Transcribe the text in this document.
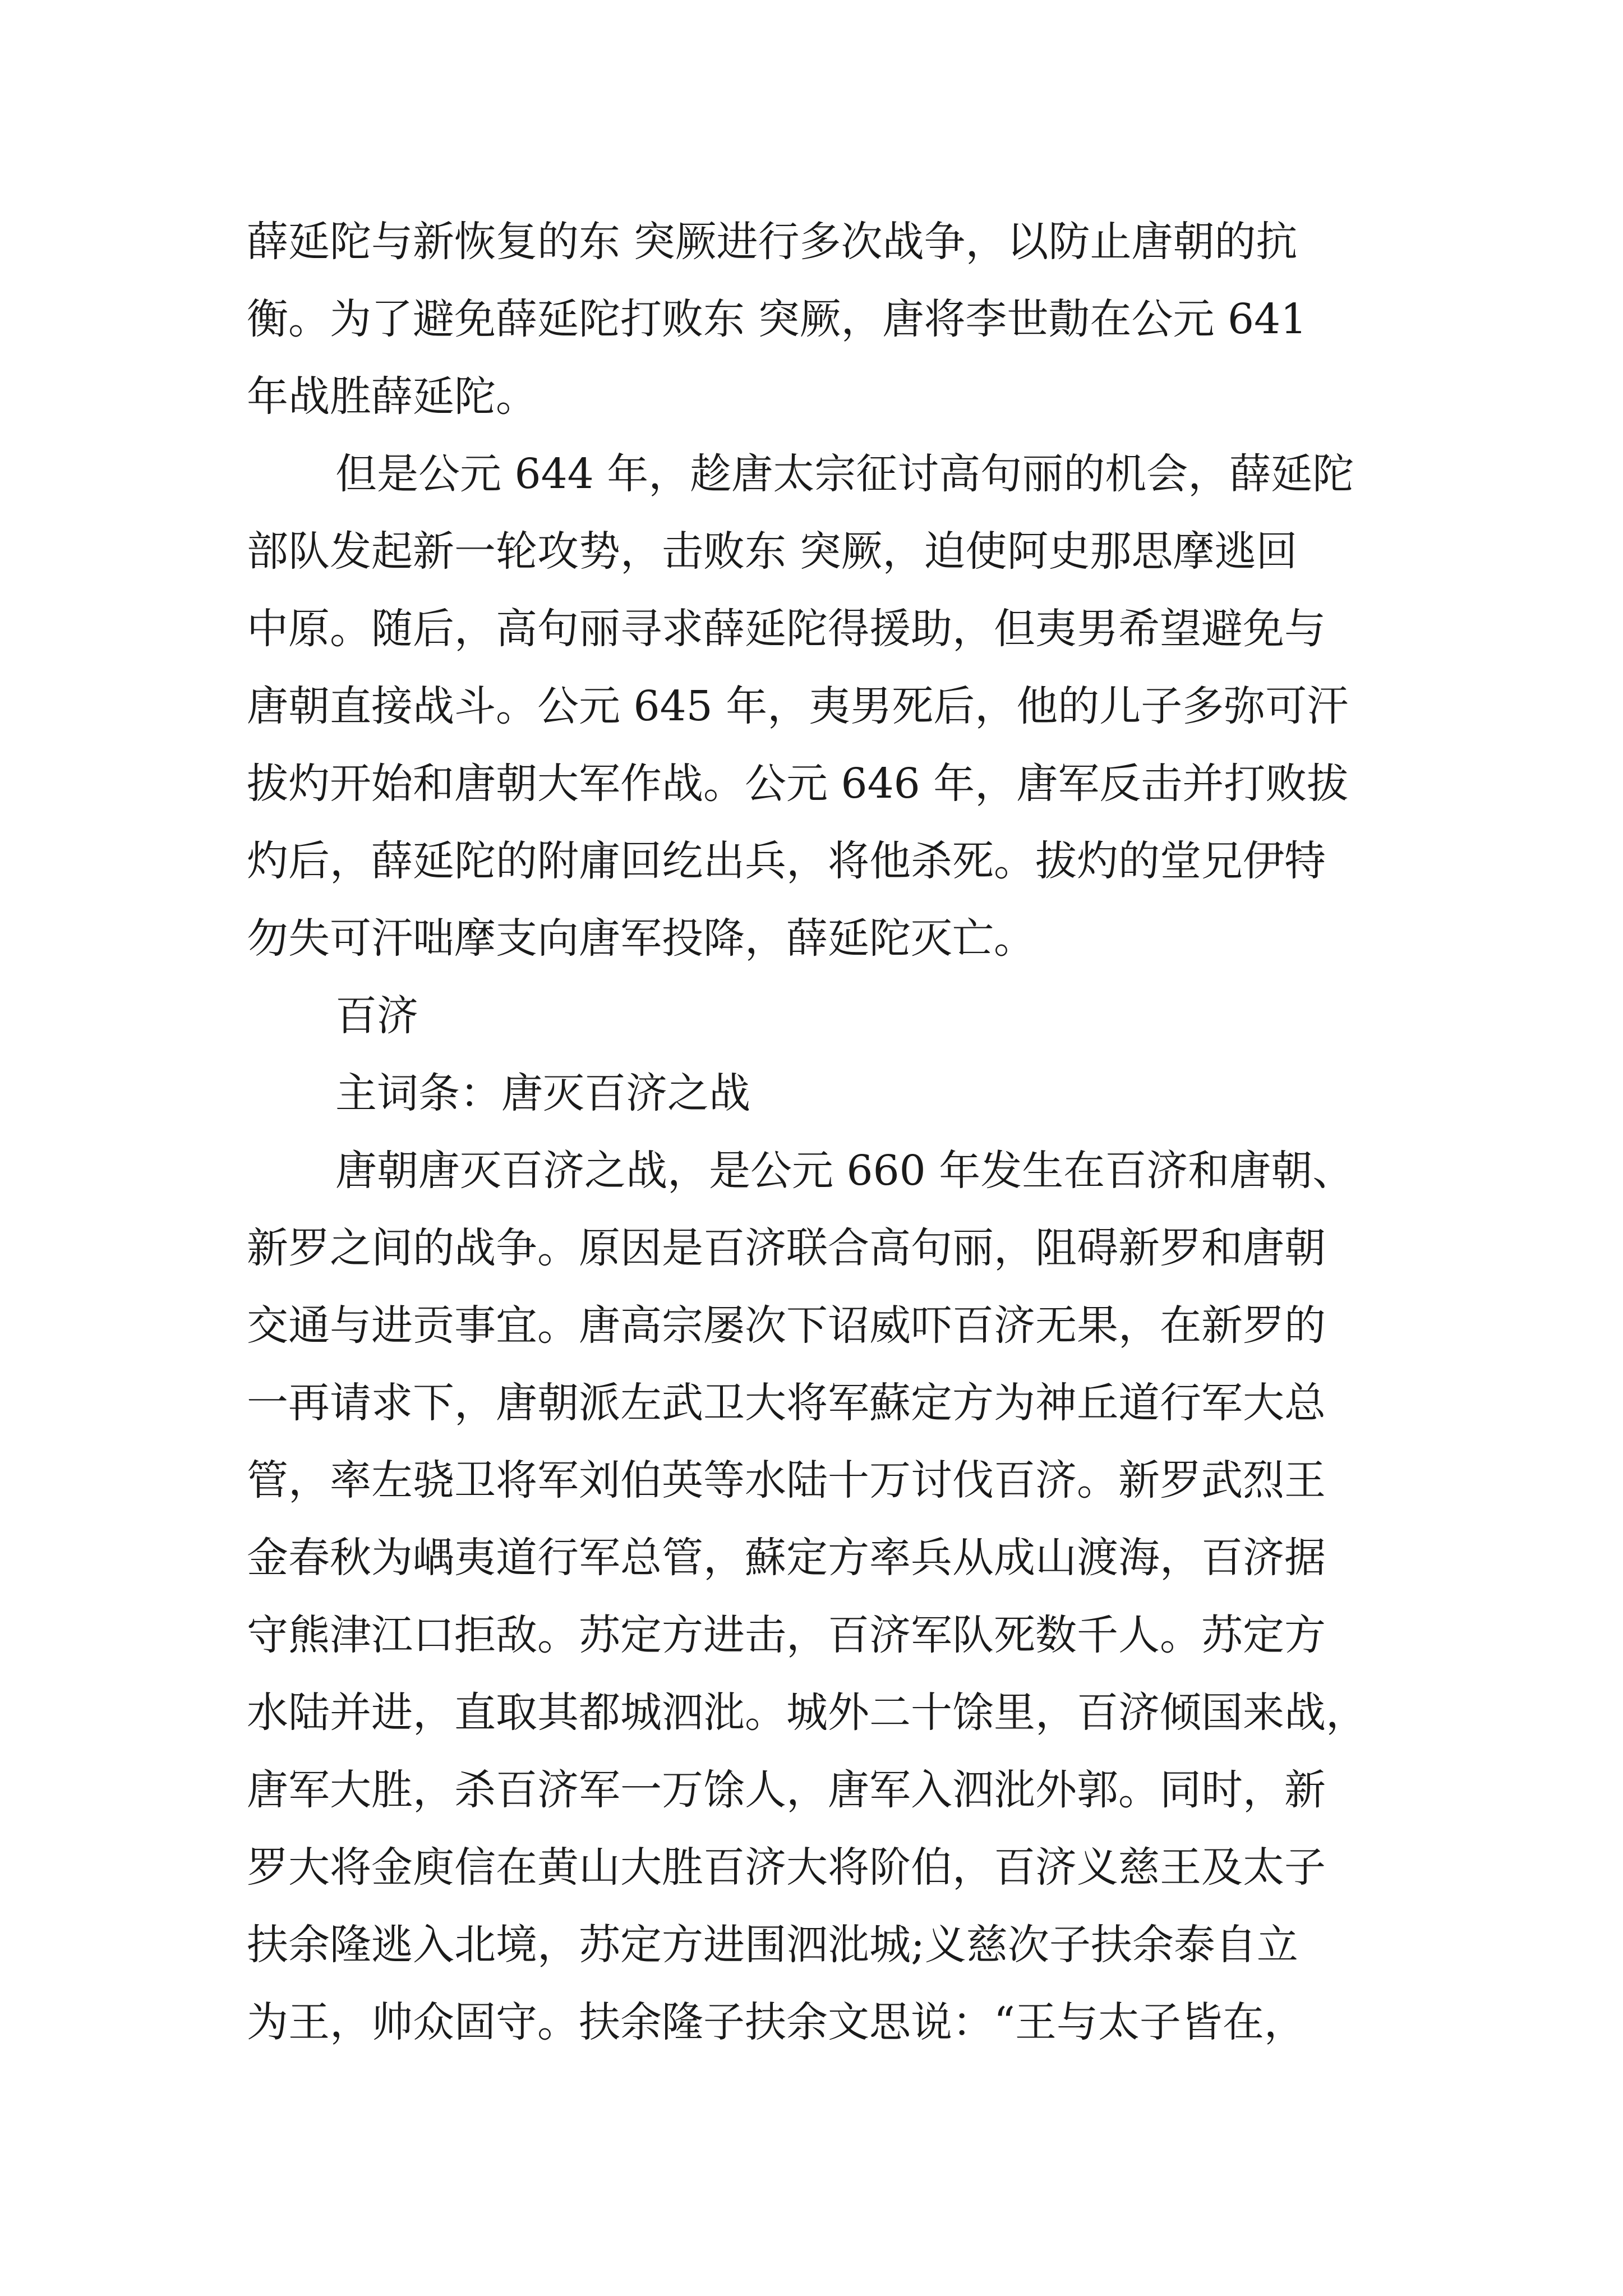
薛延陀与新恢复的东 突厥进行多次战争，以防止唐朝的抗
衡。为了避免薛延陀打败东 突厥，唐将李世勣在公元 641
年战胜薛延陀。
但是公元 644 年，趁唐太宗征讨高句丽的机会，薛延陀
部队发起新一轮攻势，击败东 突厥，迫使阿史那思摩逃回
中原。随后，高句丽寻求薛延陀得援助，但夷男希望避免与
唐朝直接战斗。公元 645 年，夷男死后，他的儿子多弥可汗
拔灼开始和唐朝大军作战。公元 646 年，唐军反击并打败拔
灼后，薛延陀的附庸回纥出兵，将他杀死。拔灼的堂兄伊特
勿失可汗咄摩支向唐军投降，薛延陀灭亡。
百济
主词条：唐灭百济之战
唐朝唐灭百济之战，是公元 660 年发生在百济和唐朝、
新罗之间的战争。原因是百济联合高句丽，阻碍新罗和唐朝
交通与进贡事宜。唐高宗屡次下诏威吓百济无果，在新罗的
一再请求下，唐朝派左武卫大将军蘇定方为神丘道行军大总
管，率左骁卫将军刘伯英等水陆十万讨伐百济。新罗武烈王
金春秋为嵎夷道行军总管，蘇定方率兵从成山渡海，百济据
守熊津江口拒敌。苏定方进击，百济军队死数千人。苏定方
水陆并进，直取其都城泗沘。城外二十馀里，百济倾国来战，
唐军大胜，杀百济军一万馀人，唐军入泗沘外郭。同时，新
罗大将金庾信在黄山大胜百济大将阶伯，百济义慈王及太子
扶余隆逃入北境，苏定方进围泗沘城;义慈次子扶余泰自立
为王，帅众固守。扶余隆子扶余文思说：“王与太子皆在，
